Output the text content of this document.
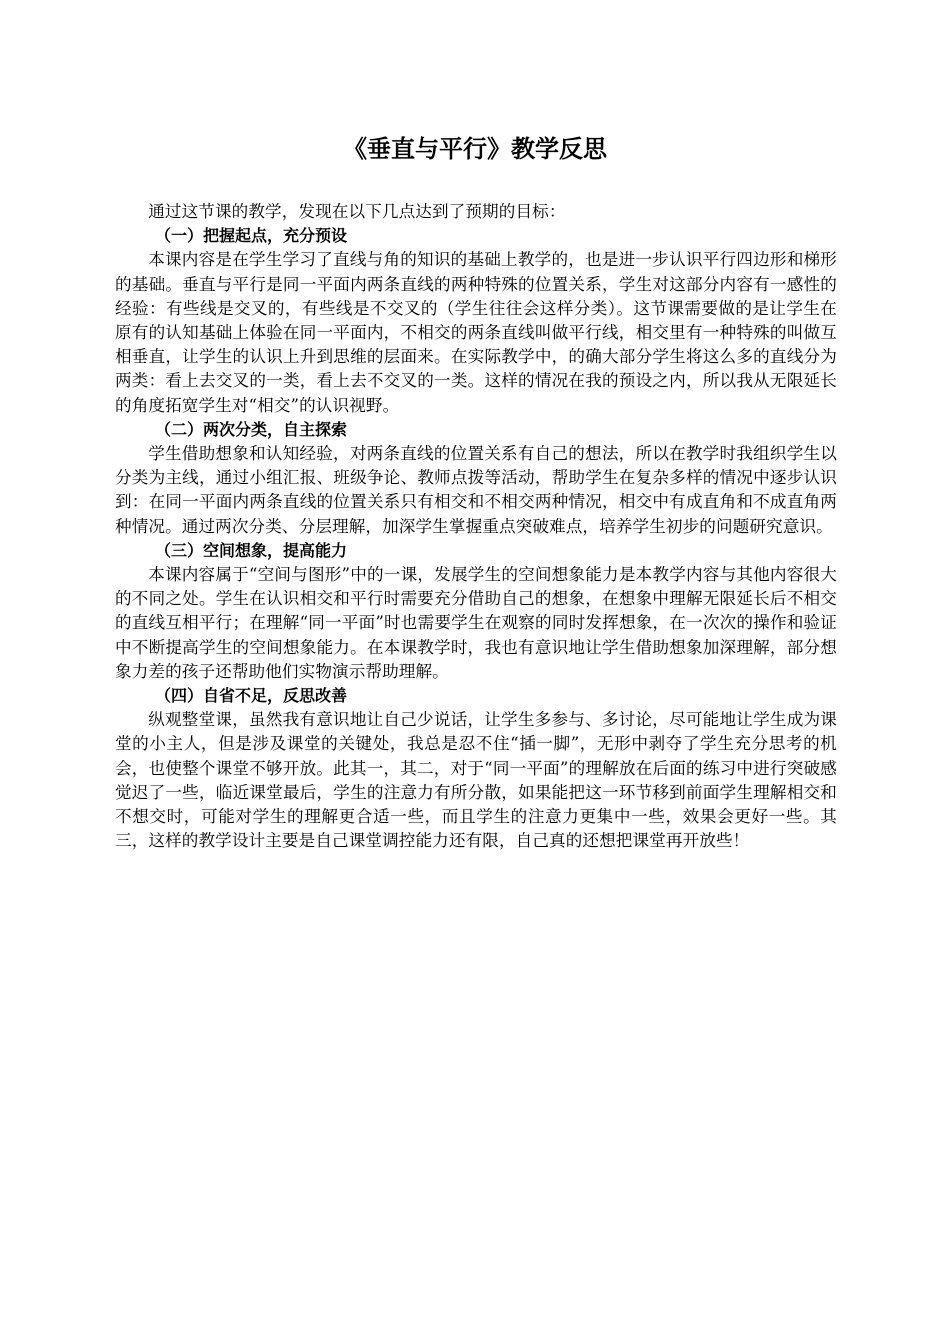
《垂直与平行》教学反思

通过这节课的教学，发现在以下几点达到了预期的目标：

（一）把握起点，充分预设

本课内容是在学生学习了直线与角的知识的基础上教学的，也是进一步认识平行四边形和梯形的基础。垂直与平行是同一平面内两条直线的两种特殊的位置关系，学生对这部分内容有一感性的经验：有些线是交叉的，有些线是不交叉的（学生往往会这样分类）。这节课需要做的是让学生在原有的认知基础上体验在同一平面内，不相交的两条直线叫做平行线，相交里有一种特殊的叫做互相垂直，让学生的认识上升到思维的层面来。在实际教学中，的确大部分学生将这么多的直线分为两类：看上去交叉的一类，看上去不交叉的一类。这样的情况在我的预设之内，所以我从无限延长的角度拓宽学生对“相交”的认识视野。

（二）两次分类，自主探索

学生借助想象和认知经验，对两条直线的位置关系有自己的想法，所以在教学时我组织学生以分类为主线，通过小组汇报、班级争论、教师点拨等活动，帮助学生在复杂多样的情况中逐步认识到：在同一平面内两条直线的位置关系只有相交和不相交两种情况，相交中有成直角和不成直角两种情况。通过两次分类、分层理解，加深学生掌握重点突破难点，培养学生初步的问题研究意识。

（三）空间想象，提高能力

本课内容属于“空间与图形”中的一课，发展学生的空间想象能力是本教学内容与其他内容很大的不同之处。学生在认识相交和平行时需要充分借助自己的想象，在想象中理解无限延长后不相交的直线互相平行；在理解“同一平面”时也需要学生在观察的同时发挥想象，在一次次的操作和验证中不断提高学生的空间想象能力。在本课教学时，我也有意识地让学生借助想象加深理解，部分想象力差的孩子还帮助他们实物演示帮助理解。

（四）自省不足，反思改善

纵观整堂课，虽然我有意识地让自己少说话，让学生多参与、多讨论，尽可能地让学生成为课堂的小主人，但是涉及课堂的关键处，我总是忍不住“插一脚”，无形中剥夺了学生充分思考的机会，也使整个课堂不够开放。此其一，其二，对于“同一平面”的理解放在后面的练习中进行突破感觉迟了一些，临近课堂最后，学生的注意力有所分散，如果能把这一环节移到前面学生理解相交和不想交时，可能对学生的理解更合适一些，而且学生的注意力更集中一些，效果会更好一些。其三，这样的教学设计主要是自己课堂调控能力还有限，自己真的还想把课堂再开放些！
